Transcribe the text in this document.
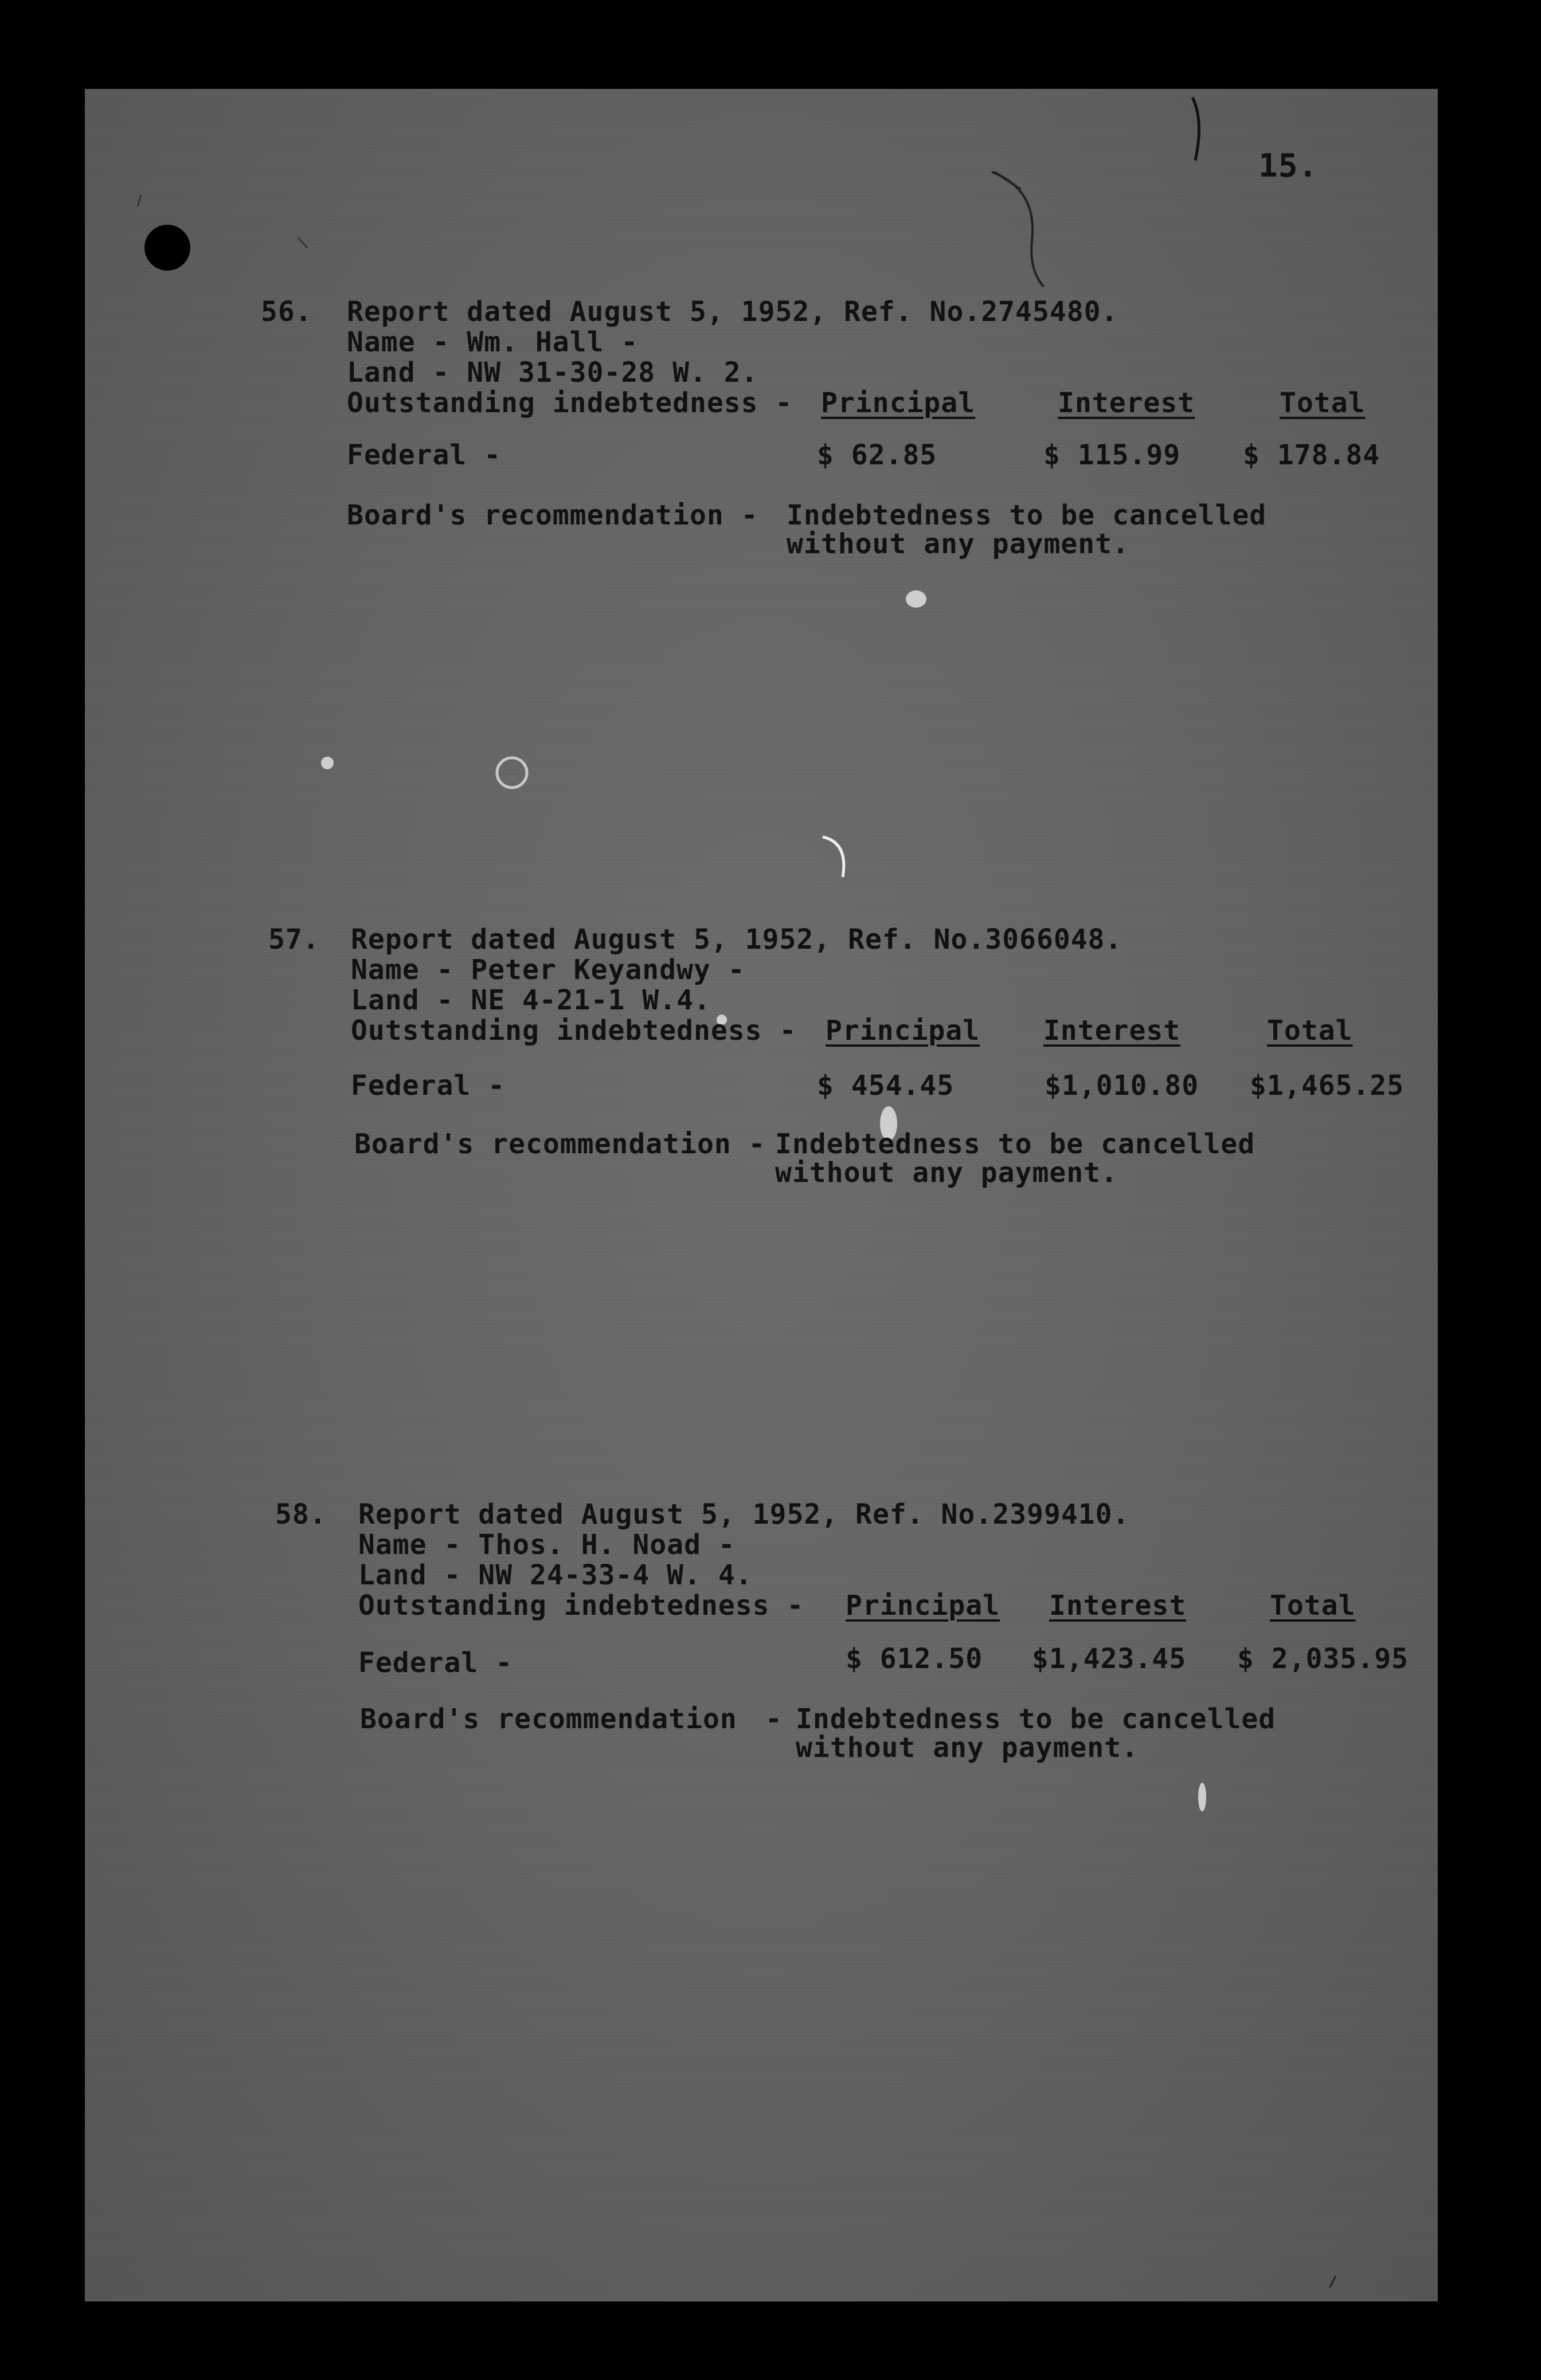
15.
56. Report dated August 5, 1952, Ref. No.2745480.
Name - Wm. Hall -
Land - NW 31-30-28 W. 2.
Outstanding indebtedness - Principal	Interest	Total
Federal -	$ 62.85	$ 115.99 $ 178.84
Board's recommendation - Indebtedness to be cancelled
without any payment.
57. Report dated August 5, 1952, Ref. No.3066048.
Name - Peter Keyandwy -
Land - NE 4-21-1 W.4.
Outstanding indebtedness - Principal Interest	Total
Federal -	$ 454.45	$1,010.80 $1,465.25
Board's recommendation - Indebtedness to be cancelled
without any payment.
58. Report dated August 5, 1952, Ref. No.2399410.
Name - Thos. H. Noad -
Land - NW 24-33-4 W. 4.
Outstanding indebtedness - Principal Interest	Total
Federal -	$ 612.50 $1,423.45 $ 2,035.95
Board's recommendation - Indebtedness to be cancelled
without any payment.
